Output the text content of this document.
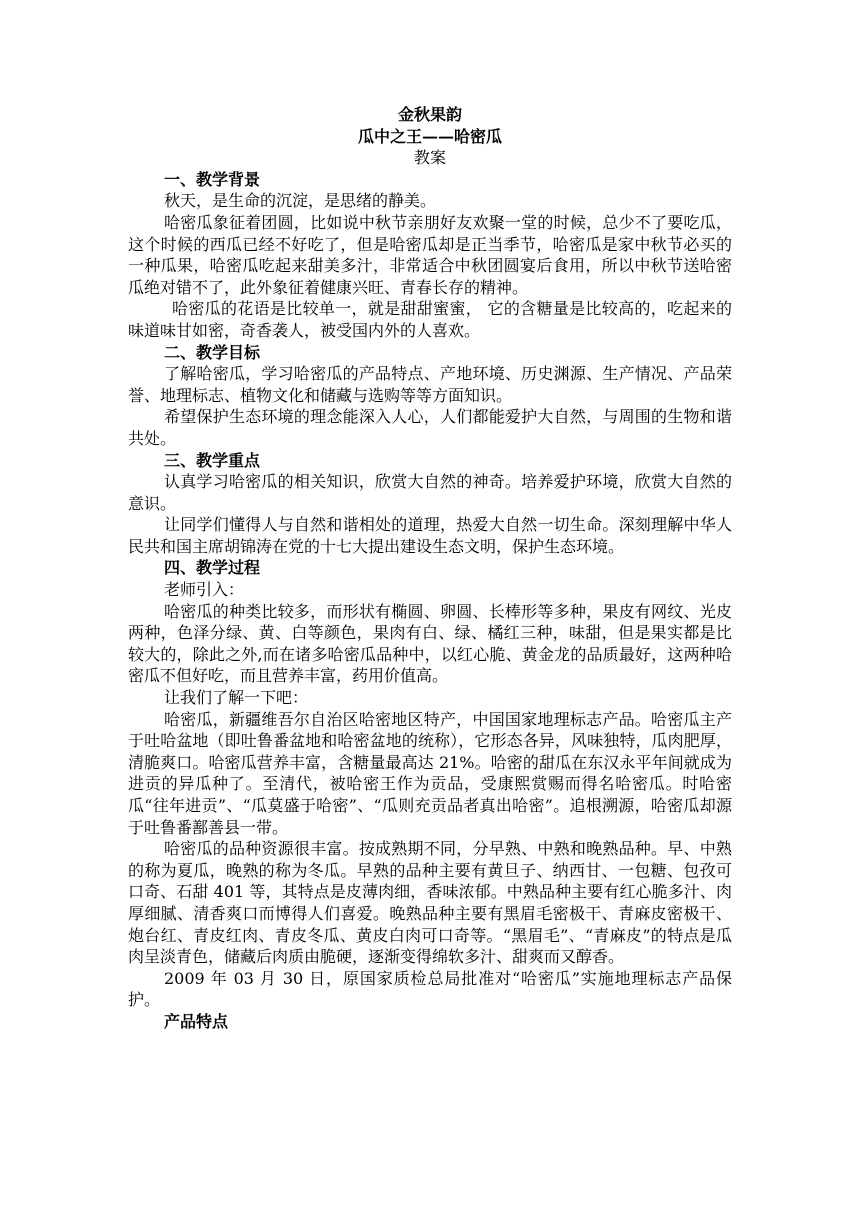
金秋果韵

瓜中之王——哈密瓜

教案

一、教学背景

秋天，是生命的沉淀，是思绪的静美。

哈密瓜象征着团圆，比如说中秋节亲朋好友欢聚一堂的时候，总少不了要吃瓜，这个时候的西瓜已经不好吃了，但是哈密瓜却是正当季节，哈密瓜是家中秋节必买的一种瓜果，哈密瓜吃起来甜美多汁，非常适合中秋团圆宴后食用，所以中秋节送哈密瓜绝对错不了，此外象征着健康兴旺、青春长存的精神。

哈密瓜的花语是比较单一，就是甜甜蜜蜜， 它的含糖量是比较高的，吃起来的味道味甘如密，奇香袭人，被受国内外的人喜欢。

二、教学目标

了解哈密瓜，学习哈密瓜的产品特点、产地环境、历史渊源、生产情况、产品荣誉、地理标志、植物文化和储藏与选购等等方面知识。

希望保护生态环境的理念能深入人心，人们都能爱护大自然，与周围的生物和谐共处。

三、教学重点

认真学习哈密瓜的相关知识，欣赏大自然的神奇。培养爱护环境，欣赏大自然的意识。

让同学们懂得人与自然和谐相处的道理，热爱大自然一切生命。深刻理解中华人民共和国主席胡锦涛在党的十七大提出建设生态文明，保护生态环境。

四、教学过程

老师引入：

哈密瓜的种类比较多，而形状有椭圆、卵圆、长棒形等多种，果皮有网纹、光皮两种，色泽分绿、黄、白等颜色，果肉有白、绿、橘红三种，味甜，但是果实都是比较大的，除此之外,而在诸多哈密瓜品种中，以红心脆、黄金龙的品质最好，这两种哈密瓜不但好吃，而且营养丰富，药用价值高。

让我们了解一下吧：

哈密瓜，新疆维吾尔自治区哈密地区特产，中国国家地理标志产品。哈密瓜主产于吐哈盆地（即吐鲁番盆地和哈密盆地的统称），它形态各异，风味独特，瓜肉肥厚，清脆爽口。哈密瓜营养丰富，含糖量最高达 21%。哈密的甜瓜在东汉永平年间就成为进贡的异瓜种了。至清代，被哈密王作为贡品，受康熙赏赐而得名哈密瓜。时哈密瓜“往年进贡”、“瓜莫盛于哈密”、“瓜则充贡品者真出哈密”。追根溯源，哈密瓜却源于吐鲁番鄯善县一带。

哈密瓜的品种资源很丰富。按成熟期不同，分早熟、中熟和晚熟品种。早、中熟的称为夏瓜，晚熟的称为冬瓜。早熟的品种主要有黄旦子、纳西甘、一包糖、包孜可口奇、石甜 401 等，其特点是皮薄肉细，香味浓郁。中熟品种主要有红心脆多汁、肉厚细腻、清香爽口而博得人们喜爱。晚熟品种主要有黑眉毛密极干、青麻皮密极干、炮台红、青皮红肉、青皮冬瓜、黄皮白肉可口奇等。“黑眉毛”、“青麻皮”的特点是瓜肉呈淡青色，储藏后肉质由脆硬，逐渐变得绵软多汁、甜爽而又醇香。

2009 年 03 月 30 日，原国家质检总局批准对“哈密瓜”实施地理标志产品保护。

产品特点
